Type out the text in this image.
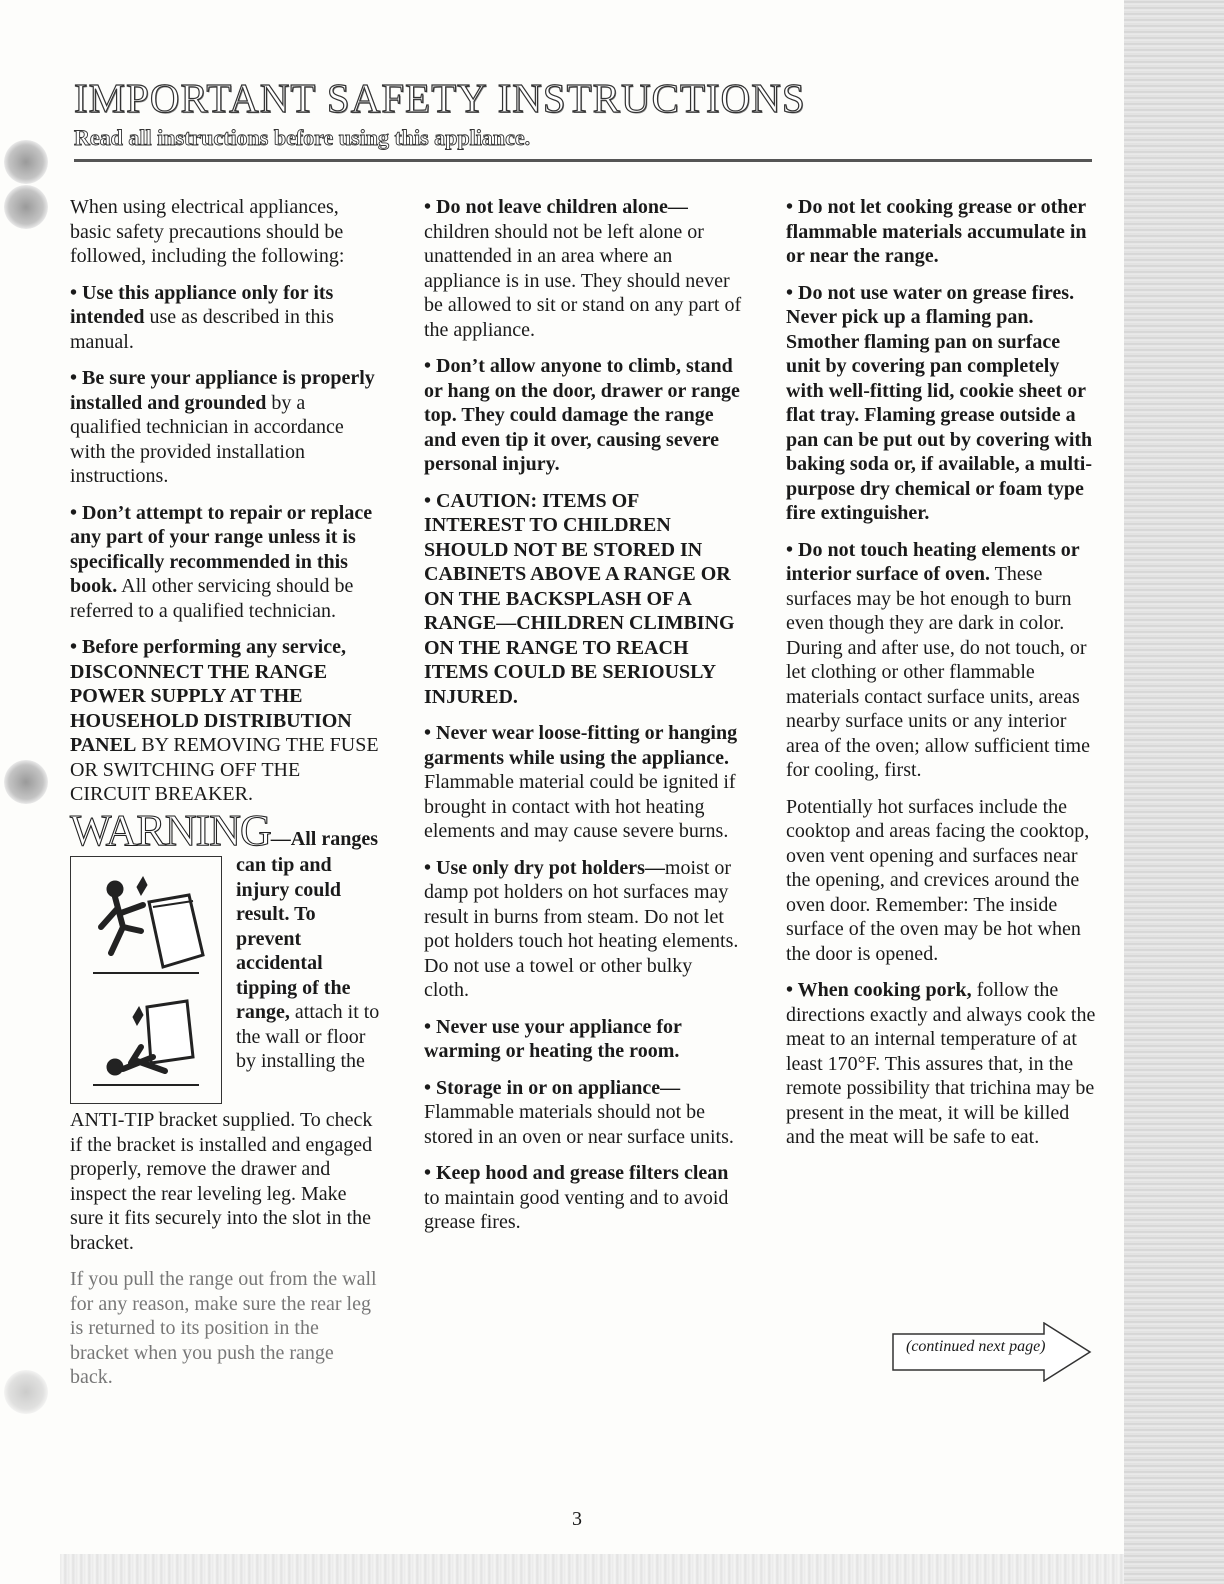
IMPORTANT SAFETY INSTRUCTIONS
Read all instructions before using this appliance.

When using electrical appliances, basic safety precautions should be followed, including the following:

• Use this appliance only for its intended use as described in this manual.

• Be sure your appliance is properly installed and grounded by a qualified technician in accordance with the provided installation instructions.

• Don’t attempt to repair or replace any part of your range unless it is specifically recommended in this book. All other servicing should be referred to a qualified technician.

• Before performing any service, DISCONNECT THE RANGE POWER SUPPLY AT THE HOUSEHOLD DISTRIBUTION PANEL BY REMOVING THE FUSE OR SWITCHING OFF THE CIRCUIT BREAKER.

WARNING—All ranges
can tip and injury could result. To prevent accidental tipping of the range, attach it to the wall or floor by installing the

ANTI-TIP bracket supplied. To check if the bracket is installed and engaged properly, remove the drawer and inspect the rear leveling leg. Make sure it fits securely into the slot in the bracket.

If you pull the range out from the wall for any reason, make sure the rear leg is returned to its position in the bracket when you push the range back.

• Do not leave children alone—children should not be left alone or unattended in an area where an appliance is in use. They should never be allowed to sit or stand on any part of the appliance.

• Don’t allow anyone to climb, stand or hang on the door, drawer or range top. They could damage the range and even tip it over, causing severe personal injury.

• CAUTION: ITEMS OF INTEREST TO CHILDREN SHOULD NOT BE STORED IN CABINETS ABOVE A RANGE OR ON THE BACKSPLASH OF A RANGE—CHILDREN CLIMBING ON THE RANGE TO REACH ITEMS COULD BE SERIOUSLY INJURED.

• Never wear loose-fitting or hanging garments while using the appliance. Flammable material could be ignited if brought in contact with hot heating elements and may cause severe burns.

• Use only dry pot holders—moist or damp pot holders on hot surfaces may result in burns from steam. Do not let pot holders touch hot heating elements. Do not use a towel or other bulky cloth.

• Never use your appliance for warming or heating the room.

• Storage in or on appliance—Flammable materials should not be stored in an oven or near surface units.

• Keep hood and grease filters clean to maintain good venting and to avoid grease fires.

• Do not let cooking grease or other flammable materials accumulate in or near the range.

• Do not use water on grease fires. Never pick up a flaming pan. Smother flaming pan on surface unit by covering pan completely with well-fitting lid, cookie sheet or flat tray. Flaming grease outside a pan can be put out by covering with baking soda or, if available, a multi-purpose dry chemical or foam type fire extinguisher.

• Do not touch heating elements or interior surface of oven. These surfaces may be hot enough to burn even though they are dark in color. During and after use, do not touch, or let clothing or other flammable materials contact surface units, areas nearby surface units or any interior area of the oven; allow sufficient time for cooling, first.

Potentially hot surfaces include the cooktop and areas facing the cooktop, oven vent opening and surfaces near the opening, and crevices around the oven door. Remember: The inside surface of the oven may be hot when the door is opened.

• When cooking pork, follow the directions exactly and always cook the meat to an internal temperature of at least 170°F. This assures that, in the remote possibility that trichina may be present in the meat, it will be killed and the meat will be safe to eat.

(continued next page)
3
